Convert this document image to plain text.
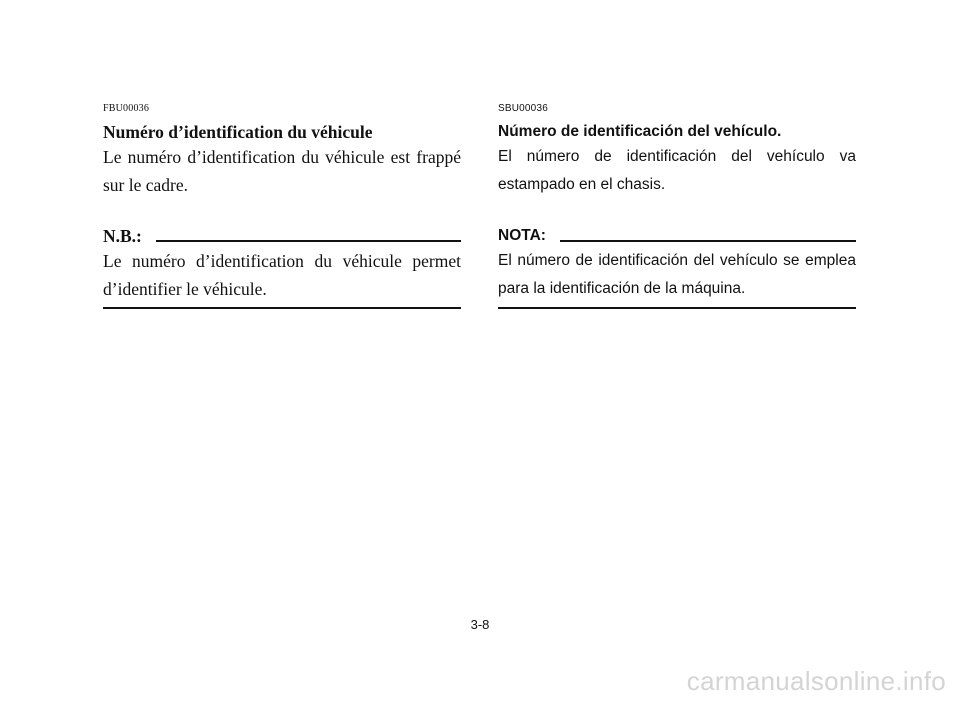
FBU00036

Numéro d’identification du véhicule

Le numéro d’identification du véhicule est frappé sur le cadre.

N.B.:

Le numéro d’identification du véhicule permet d’identifier le véhicule.

SBU00036

Número de identificación del vehículo.

El número de identificación del vehículo va estampado en el chasis.

NOTA:

El número de identificación del vehículo se emplea para la identificación de la máquina.

3-8
carmanualsonline.info
